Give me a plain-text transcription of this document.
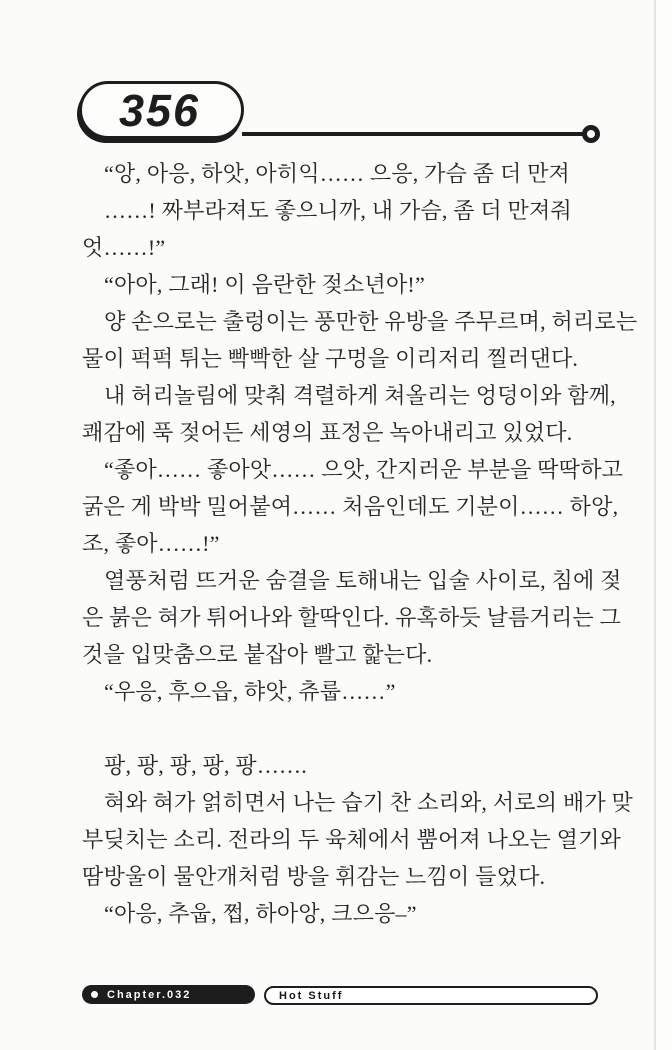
356
“앙, 아응, 하앗, 아히익…… 으응, 가슴 좀 더 만져
……! 짜부라져도 좋으니까, 내 가슴, 좀 더 만져줘
엇……!”
“아아, 그래! 이 음란한 젖소년아!”
양 손으로는 출렁이는 풍만한 유방을 주무르며, 허리로는
물이 퍽퍽 튀는 빡빡한 살 구멍을 이리저리 찔러댄다.
내 허리놀림에 맞춰 격렬하게 쳐올리는 엉덩이와 함께,
쾌감에 푹 젖어든 세영의 표정은 녹아내리고 있었다.
“좋아…… 좋아앗…… 으앗, 간지러운 부분을 딱딱하고
굵은 게 박박 밀어붙여…… 처음인데도 기분이…… 하앙,
조, 좋아……!”
열풍처럼 뜨거운 숨결을 토해내는 입술 사이로, 침에 젖
은 붉은 혀가 튀어나와 할딱인다. 유혹하듯 날름거리는 그
것을 입맞춤으로 붙잡아 빨고 핥는다.
“우응, 후으읍, 햐앗, 츄룹……”
팡, 팡, 팡, 팡, 팡…….
혀와 혀가 얽히면서 나는 습기 찬 소리와, 서로의 배가 맞
부딪치는 소리. 전라의 두 육체에서 뿜어져 나오는 열기와
땀방울이 물안개처럼 방을 휘감는 느낌이 들었다.
“아응, 추웁, 쩝, 하아앙, 크으응–”
Chapter.032	Hot Stuff
